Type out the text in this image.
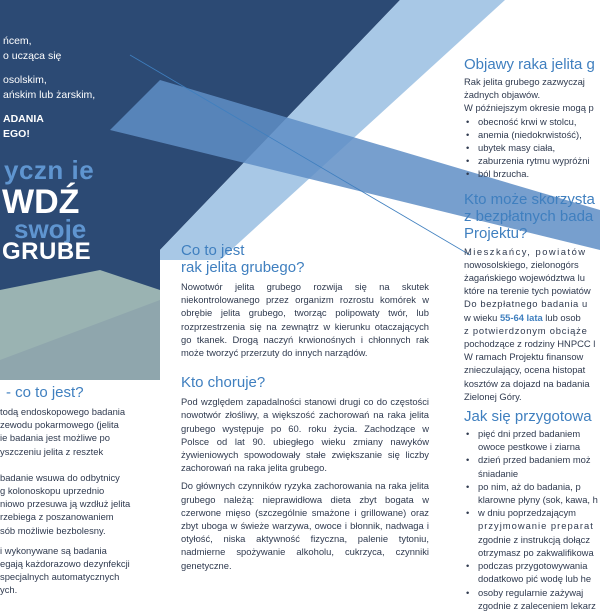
ńcem,
o ucząca się
osolskim,
ańskim lub żarskim,
ADANIA
EGO!
yczn ie
WDŹ
swoje
GRUBE
- co to jest?
todą endoskopowego badania
zewodu pokarmowego (jelita
ie badania jest możliwe po
yszczeniu jelita z resztek
badanie wsuwa do odbytnicy
g kolonoskopu uprzednio
niowo przesuwa ją wzdłuż jelita
rzebiega z poszanowaniem
sób możliwie bezbolesny.
i wykonywane są badania
egają każdorazowo dezynfekcji
specjalnych automatycznych
ych.
Co to jest
rak jelita grubego?

Nowotwór jelita grubego rozwija się na skutek niekontrolowanego przez organizm rozrostu komórek w obrębie jelita grubego, tworząc polipowaty twór, lub rozprzestrzenia się na zewnątrz w kierunku otaczających go tkanek. Drogą naczyń krwionośnych i chłonnych rak może tworzyć przerzuty do innych narządów.

Kto choruje?

Pod względem zapadalności stanowi drugi co do częstości nowotwór złośliwy, a większość zachorowań na raka jelita grubego występuje po 60. roku życia. Zachodzące w Polsce od lat 90. ubiegłego wieku zmiany nawyków żywieniowych spowodowały stałe zwiększanie się liczby zachorowań na raka jelita grubego.

Do głównych czynników ryzyka zachorowania na raka jelita grubego należą: nieprawidłowa dieta zbyt bogata w czerwone mięso (szczególnie smażone i grillowane) oraz zbyt uboga w świeże warzywa, owoce i błonnik, nadwaga i otyłość, niska aktywność fizyczna, palenie tytoniu, nadmierne spożywanie alkoholu, cukrzyca, czynniki genetyczne.

Objawy raka jelita g
Rak jelita grubego zazwyczaj
żadnych objawów.
W późniejszym okresie mogą p
• obecność krwi w stolcu,
• anemia (niedokrwistość),
• ubytek masy ciała,
• zaburzenia rytmu wypróżni
• ból brzucha.
Kto może skorzysta
z bezpłatnych bada
Projektu?
Mieszkańcy, powiatów
nowosolskiego, zielonogórs
żagańskiego województwa lu
które na terenie tych powiatów
Do bezpłatnego badania u
w wieku 55-64 lata lub osob
z potwierdzonym obciąże
pochodzące z rodziny HNPCC l
W ramach Projektu finansow
znieczulający, ocena histopat
kosztów za dojazd na badania
Zielonej Góry.
Jak się przygotowa
• pięć dni przed badaniem
owoce pestkowe i ziarna
• dzień przed badaniem moż
śniadanie
• po nim, aż do badania, p
klarowne płyny (sok, kawa, h
• w dniu poprzedzającym
przyjmowanie preparat
zgodnie z instrukcją dołącz
otrzymasz po zakwalifikowa
• podczas przygotowywania
dodatkowo pić wodę lub he
• osoby regularnie zażywaj
zgodnie z zaleceniem lekarz
